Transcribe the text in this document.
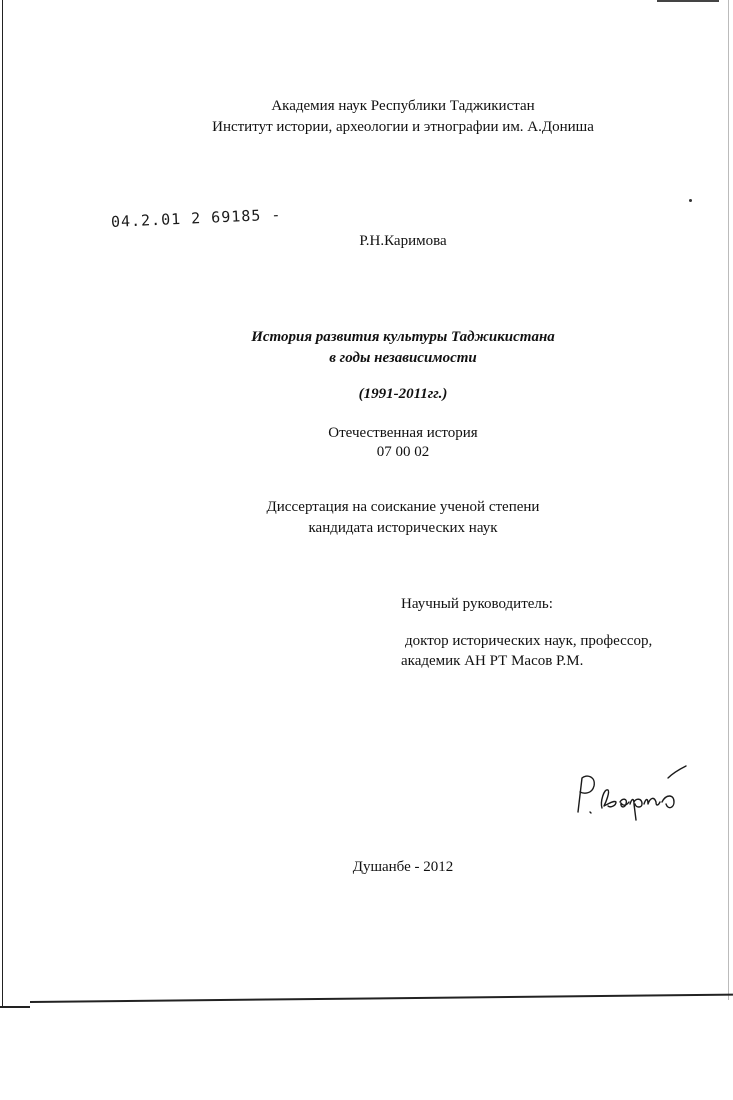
Академия наук Республики Таджикистан
Институт истории, археологии и этнографии им. А.Дониша
04.2.01 2 69185 -
Р.Н.Каримова
История развития культуры Таджикистана
в годы независимости
(1991-2011гг.)
Отечественная история
07 00 02
Диссертация на соискание ученой степени
кандидата исторических наук
Научный руководитель:
доктор исторических наук, профессор,
академик АН РТ Масов Р.М.
Душанбе - 2012
